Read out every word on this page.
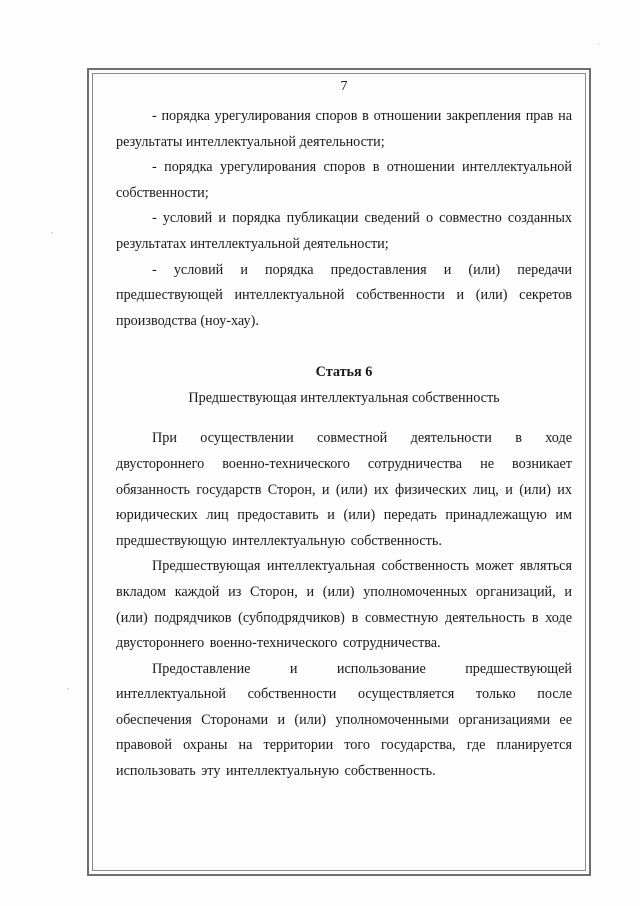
7

- порядка урегулирования споров в отношении закрепления прав на результаты интеллектуальной деятельности;

- порядка урегулирования споров в отношении интеллектуальной собственности;

- условий и порядка публикации сведений о совместно созданных результатах интеллектуальной деятельности;

- условий и порядка предоставления и (или) передачи предшествующей интеллектуальной собственности и (или) секретов производства (ноу-хау).

Статья 6
Предшествующая интеллектуальная собственность

При осуществлении совместной деятельности в ходе двустороннего военно-технического сотрудничества не возникает обязанность государств Сторон, и (или) их физических лиц, и (или) их юридических лиц предоставить и (или) передать принадлежащую им предшествующую интеллектуальную собственность.

Предшествующая интеллектуальная собственность может являться вкладом каждой из Сторон, и (или) уполномоченных организаций, и (или) подрядчиков (субподрядчиков) в совместную деятельность в ходе двустороннего военно-технического сотрудничества.

Предоставление и использование предшествующей интеллектуальной собственности осуществляется только после обеспечения Сторонами и (или) уполномоченными организациями ее правовой охраны на территории того государства, где планируется использовать эту интеллектуальную собственность.
